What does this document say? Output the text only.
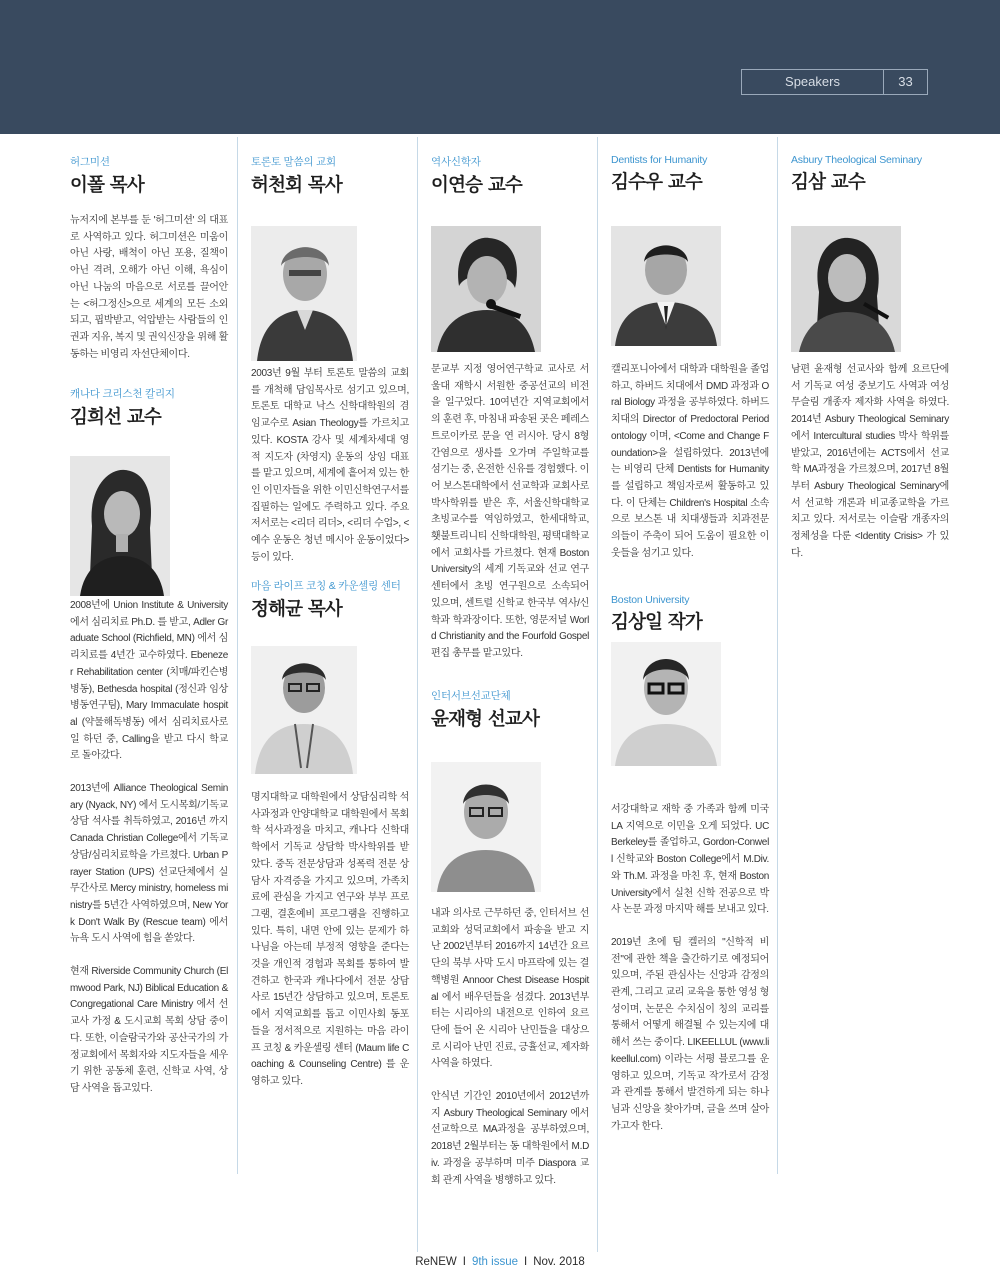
Speakers	33
허그미션
이폴 목사

뉴저지에 본부를 둔 '허그미션' 의 대표로 사역하고 있다. 허그미션은 미움이 아닌 사랑, 배척이 아닌 포용, 질책이 아닌 격려, 오해가 아닌 이해, 욕심이 아닌 나눔의 마음으로 서로를 끌어안는 <허그정신>으로 세계의 모든 소외되고, 핍박받고, 억압받는 사람들의 인권과 지유, 복지 및 권익신장을 위해 활동하는 비영리 자선단체이다.

캐나다 크리스천 칼리지
김희선 교수

2008년에 Union Institute & University 에서 심리치료 Ph.D. 를 받고, Adler Graduate School (Richfield, MN) 에서 심리치료를 4년간 교수하였다. Ebenezer Rehabilitation center (치매/파킨슨병 병동), Bethesda hospital (정신과 임상병동연구팀), Mary Immaculate hospital (약물해독병동) 에서 심리치료사로 일 하던 중, Calling을 받고 다시 학교로 돌아갔다.

2013년에 Alliance Theological Seminary (Nyack, NY) 에서 도시목회/기독교상담 석사를 취득하였고, 2016년 까지 Canada Christian College에서 기독교상담/심리치료학을 가르쳤다. Urban Prayer Station (UPS) 선교단체에서 실무간사로 Mercy ministry, homeless ministry를 5년간 사역하였으며, New York Don't Walk By (Rescue team) 에서 뉴욕 도시 사역에 힘을 쏟았다.

현재 Riverside Community Church (Elmwood Park, NJ) Biblical Education & Congregational Care Ministry 에서 선교사 가정 & 도시교회 목회 상담 중이다. 또한, 이슬람국가와 공산국가의 가정교회에서 목회자와 지도자들을 세우기 위한 공동체 훈련, 신학교 사역, 상담 사역을 돕고있다.

토론토 말씀의 교회
허천회 목사

2003년 9월 부터 토론토 말씀의 교회를 개척해 담임목사로 섬기고 있으며, 토론토 대학교 낙스 신학대학원의 겸임교수로 Asian Theology를 가르치고 있다. KOSTA 강사 및 세계차세대 영적 지도자 (차영지) 운동의 상임 대표를 맡고 있으며, 세계에 흩어져 있는 한인 이민자들을 위한 이민신학연구서를 집필하는 일에도 주력하고 있다. 주요 저서로는 <리더 리더>, <리더 수업>, <예수 운동은 청년 메시아 운동이었다> 등이 있다.

마음 라이프 코칭 & 카운셀링 센터
정해균 목사

명지대학교 대학원에서 상담심리학 석사과정과 안양대학교 대학원에서 목회학 석사과정을 마치고, 캐나다 신학대학에서 기독교 상담학 박사학위를 받았다. 중독 전문상담과 성폭력 전문 상담사 자격증을 가지고 있으며, 가족치료에 관심을 가지고 연구와 부부 프로그램, 결혼예비 프로그램을 진행하고 있다. 특히, 내면 안에 있는 문제가 하나님을 아는데 부정적 영향을 준다는 것을 개인적 경험과 목회를 통하여 발견하고 한국과 캐나다에서 전문 상담사로 15년간 상담하고 있으며, 토론토에서 지역교회를 돕고 이민사회 동포들을 정서적으로 지원하는 마음 라이프 코칭 & 카운셀링 센터 (Maum life Coaching & Counseling Centre) 를 운영하고 있다.

역사신학자
이연승 교수

문교부 지정 영어연구학교 교사로 서울대 재학시 서원한 중공선교의 비전을 일구었다. 10여년간 지역교회에서의 훈련 후, 마침내 파송된 곳은 페레스트로이카로 문을 연 러시아. 당시 8형 간염으로 생사를 오가며 주일학교를 섬기는 중, 온전한 신유를 경험했다. 이어 보스톤대학에서 선교학과 교회사로 박사학위를 받은 후, 서울신학대학교 초빙교수를 역임하였고, 한세대학교, 횃불트리니티 신학대학원, 평택대학교에서 교회사를 가르쳤다. 현재 Boston University의 세계 기독교와 선교 연구센터에서 초빙 연구원으로 소속되어 있으며, 센트럴 신학교 한국부 역사/신학과 학과장이다. 또한, 영문저널 World Christianity and the Fourfold Gospel 편집 총무를 맡고있다.

인터서브선교단체
윤재형 선교사

내과 의사로 근무하던 중, 인터서브 선교회와 성덕교회에서 파송을 받고 지난 2002년부터 2016까지 14년간 요르단의 북부 사막 도시 마프락에 있는 결핵병원 Annoor Chest Disease Hospital 에서 배우던들을 섬겼다. 2013년부터는 시리아의 내전으로 인하여 요르단에 들어 온 시리아 난민들을 대상으로 시리아 난민 진료, 긍휼선교, 제자화 사역을 하였다.

안식년 기간인 2010년에서 2012년까지 Asbury Theological Seminary 에서 선교학으로 MA과정을 공부하였으며, 2018년 2월부터는 동 대학원에서 M.Div. 과정을 공부하며 미주 Diaspora 교회 관계 사역을 병행하고 있다.

Dentists for Humanity
김수우 교수

캘리포니아에서 대학과 대학원을 졸업하고, 하버드 치대에서 DMD 과정과 Oral Biology 과정을 공부하였다. 하버드 치대의 Director of Predoctoral Periodontology 이며, <Come and Change Foundation>을 설립하였다. 2013년에는 비영리 단체 Dentists for Humanity를 설립하고 책임자로써 활동하고 있다. 이 단체는 Children's Hospital 소속으로 보스톤 내 치대생들과 치과전문의들이 주축이 되어 도움이 필요한 이웃들을 섬기고 있다.

Boston University
김상일 작가

서강대학교 재학 중 가족과 함께 미국 LA 지역으로 이민을 오게 되었다. UC Berkeley를 졸업하고, Gordon-Conwell 신학교와 Boston College에서 M.Div. 와 Th.M. 과정을 마친 후, 현재 Boston University에서 실천 신학 전공으로 박사 논문 과정 마지막 해를 보내고 있다.

2019년 초에 팀 켈러의 "신학적 비전"에 관한 책을 출간하기로 예정되어 있으며, 주된 관심사는 신앙과 감정의 관계, 그리고 교리 교육을 통한 영성 형성이며, 논문은 수치심이 칭의 교리를 통해서 어떻게 해결될 수 있는지에 대해서 쓰는 중이다. LIKEELLUL (www.likeellul.com) 이라는 서평 블로그를 운영하고 있으며, 기독교 작가로서 감정과 관계를 통해서 발견하게 되는 하나님과 신앙을 찾아가며, 글을 쓰며 살아가고자 한다.

Asbury Theological Seminary
김삼 교수

남편 윤재형 선교사와 함께 요르단에서 기독교 여성 중보기도 사역과 여성 무슬림 개종자 제자화 사역을 하였다. 2014년 Asbury Theological Seminary에서 Intercultural studies 박사 학위를 받았고, 2016년에는 ACTS에서 선교학 MA과정을 가르쳤으며, 2017년 8월부터 Asbury Theological Seminary에서 선교학 개론과 비교종교학을 가르치고 있다. 저서로는 이슬람 개종자의 정체성을 다룬 <Identity Crisis> 가 있다.

ReNEW I 9th issue I Nov. 2018
